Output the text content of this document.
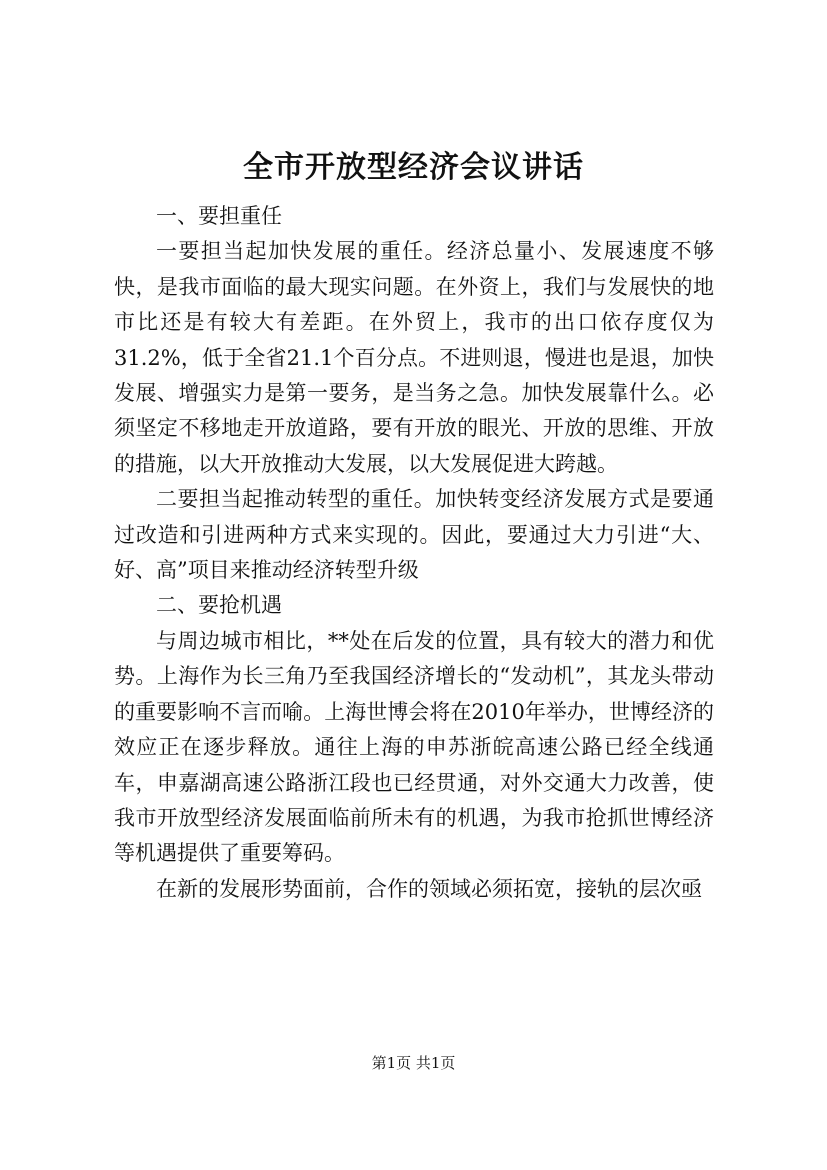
全市开放型经济会议讲话

一、要担重任

一要担当起加快发展的重任。经济总量小、发展速度不够快，是我市面临的最大现实问题。在外资上，我们与发展快的地市比还是有较大有差距。在外贸上，我市的出口依存度仅为31.2%，低于全省21.1个百分点。不进则退，慢进也是退，加快发展、增强实力是第一要务，是当务之急。加快发展靠什么。必须坚定不移地走开放道路，要有开放的眼光、开放的思维、开放的措施，以大开放推动大发展，以大发展促进大跨越。

二要担当起推动转型的重任。加快转变经济发展方式是要通过改造和引进两种方式来实现的。因此，要通过大力引进“大、好、高”项目来推动经济转型升级

二、要抢机遇

与周边城市相比，**处在后发的位置，具有较大的潜力和优势。上海作为长三角乃至我国经济增长的“发动机”，其龙头带动的重要影响不言而喻。上海世博会将在2010年举办，世博经济的效应正在逐步释放。通往上海的申苏浙皖高速公路已经全线通车，申嘉湖高速公路浙江段也已经贯通，对外交通大力改善，使我市开放型经济发展面临前所未有的机遇，为我市抢抓世博经济等机遇提供了重要筹码。

在新的发展形势面前，合作的领域必须拓宽，接轨的层次亟

第1页 共1页
